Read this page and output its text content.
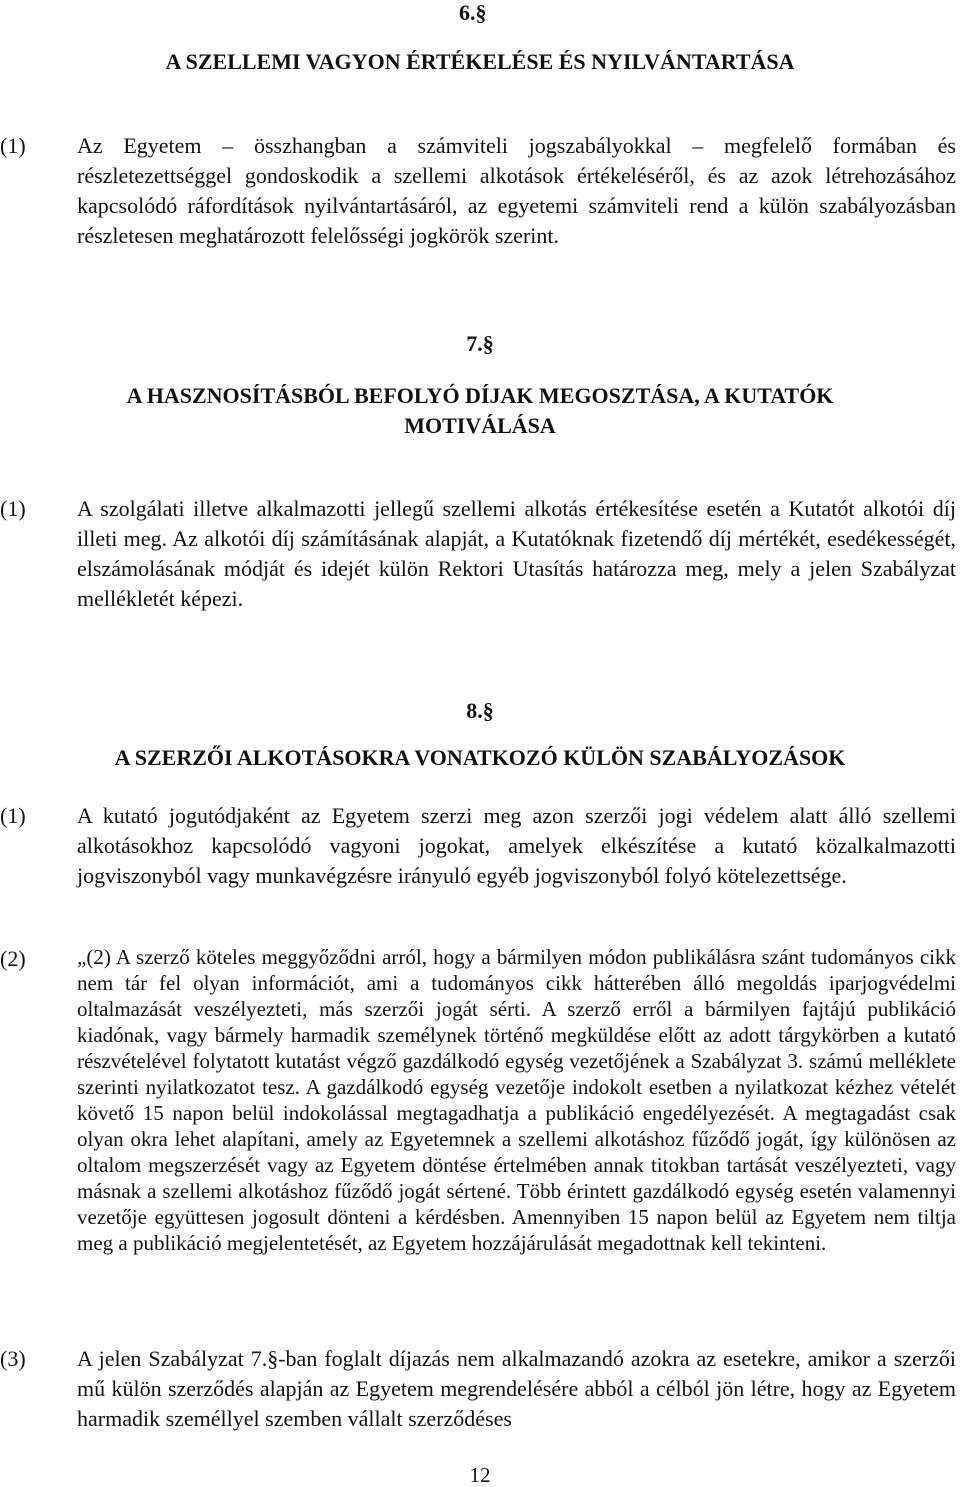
6.§
A SZELLEMI VAGYON ÉRTÉKELÉSE ÉS NYILVÁNTARTÁSA
(1) Az Egyetem – összhangban a számviteli jogszabályokkal – megfelelő formában és részletezettséggel gondoskodik a szellemi alkotások értékeléséről, és az azok létrehozásához kapcsolódó ráfordítások nyilvántartásáról, az egyetemi számviteli rend a külön szabályozásban részletesen meghatározott felelősségi jogkörök szerint.

7.§
A HASZNOSÍTÁSBÓL BEFOLYÓ DÍJAK MEGOSZTÁSA, A KUTATÓK MOTIVÁLÁSA
(1) A szolgálati illetve alkalmazotti jellegű szellemi alkotás értékesítése esetén a Kutatót alkotói díj illeti meg. Az alkotói díj számításának alapját, a Kutatóknak fizetendő díj mértékét, esedékességét, elszámolásának módját és idejét külön Rektori Utasítás határozza meg, mely a jelen Szabályzat mellékletét képezi.

8.§
A SZERZŐI ALKOTÁSOKRA VONATKOZÓ KÜLÖN SZABÁLYOZÁSOK
(1) A kutató jogutódjaként az Egyetem szerzi meg azon szerzői jogi védelem alatt álló szellemi alkotásokhoz kapcsolódó vagyoni jogokat, amelyek elkészítése a kutató közalkalmazotti jogviszonyból vagy munkavégzésre irányuló egyéb jogviszonyból folyó kötelezettsége.

(2) „(2) A szerző köteles meggyőződni arról, hogy a bármilyen módon publikálásra szánt tudományos cikk nem tár fel olyan információt, ami a tudományos cikk hátterében álló megoldás iparjogvédelmi oltalmazását veszélyezteti, más szerzői jogát sérti. A szerző erről a bármilyen fajtájú publikáció kiadónak, vagy bármely harmadik személynek történő megküldése előtt az adott tárgykörben a kutató részvételével folytatott kutatást végző gazdálkodó egység vezetőjének a Szabályzat 3. számú melléklete szerinti nyilatkozatot tesz. A gazdálkodó egység vezetője indokolt esetben a nyilatkozat kézhez vételét követő 15 napon belül indokolással megtagadhatja a publikáció engedélyezését. A megtagadást csak olyan okra lehet alapítani, amely az Egyetemnek a szellemi alkotáshoz fűződő jogát, így különösen az oltalom megszerzését vagy az Egyetem döntése értelmében annak titokban tartását veszélyezteti, vagy másnak a szellemi alkotáshoz fűződő jogát sértené. Több érintett gazdálkodó egység esetén valamennyi vezetője együttesen jogosult dönteni a kérdésben. Amennyiben 15 napon belül az Egyetem nem tiltja meg a publikáció megjelentetését, az Egyetem hozzájárulását megadottnak kell tekinteni.

(3) A jelen Szabályzat 7.§-ban foglalt díjazás nem alkalmazandó azokra az esetekre, amikor a szerzői mű külön szerződés alapján az Egyetem megrendelésére abból a célból jön létre, hogy az Egyetem harmadik személlyel szemben vállalt szerződéses

12
